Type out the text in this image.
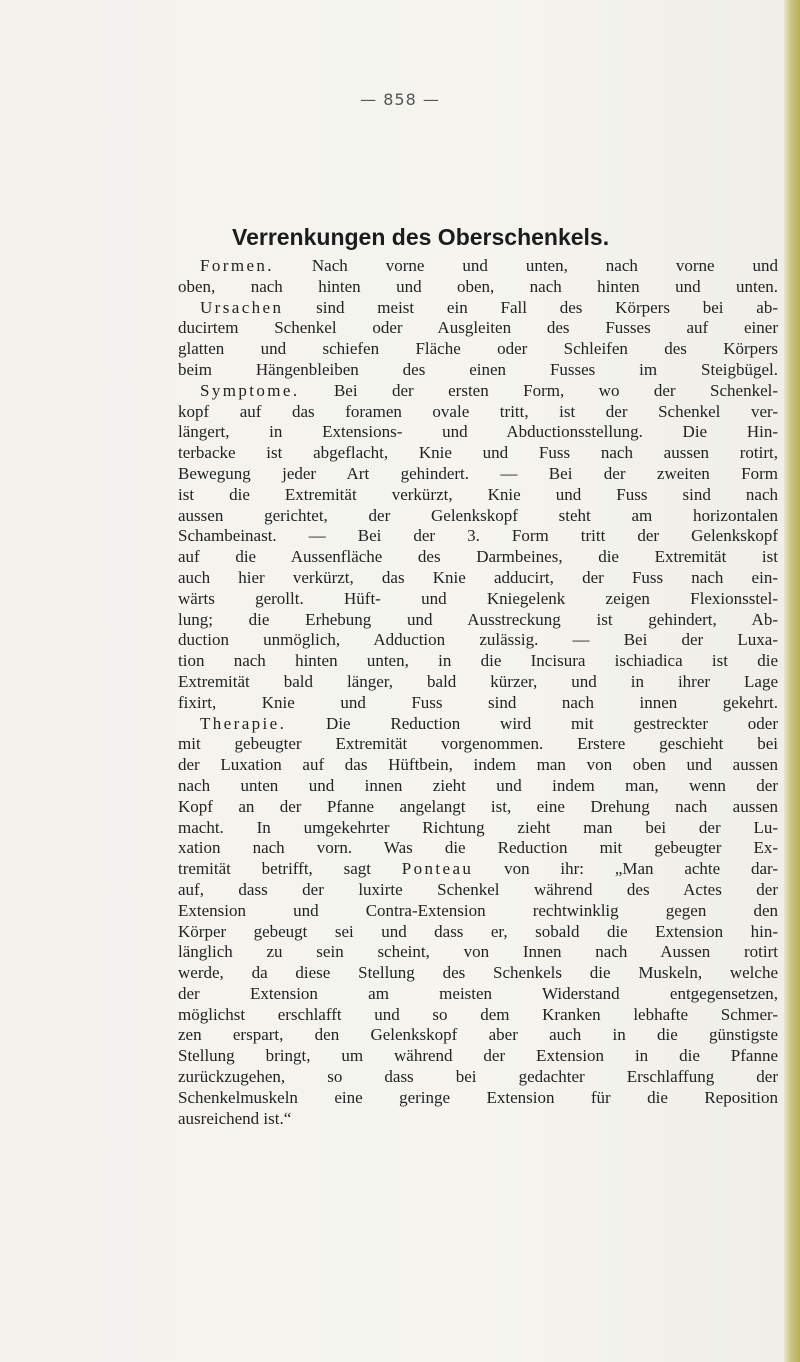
— 858 —
Verrenkungen des Oberschenkels.
Formen. Nach vorne und unten, nach vorne und
oben, nach hinten und oben, nach hinten und unten.
Ursachen sind meist ein Fall des Körpers bei ab-
ducirtem Schenkel oder Ausgleiten des Fusses auf einer
glatten und schiefen Fläche oder Schleifen des Körpers
beim Hängenbleiben des einen Fusses im Steigbügel.
Symptome. Bei der ersten Form, wo der Schenkel-
kopf auf das foramen ovale tritt, ist der Schenkel ver-
längert, in Extensions- und Abductionsstellung. Die Hin-
terbacke ist abgeflacht, Knie und Fuss nach aussen rotirt,
Bewegung jeder Art gehindert. — Bei der zweiten Form
ist die Extremität verkürzt, Knie und Fuss sind nach
aussen gerichtet, der Gelenkskopf steht am horizontalen
Schambeinast. — Bei der 3. Form tritt der Gelenkskopf
auf die Aussenfläche des Darmbeines, die Extremität ist
auch hier verkürzt, das Knie adducirt, der Fuss nach ein-
wärts gerollt. Hüft- und Kniegelenk zeigen Flexionsstel-
lung; die Erhebung und Ausstreckung ist gehindert, Ab-
duction unmöglich, Adduction zulässig. — Bei der Luxa-
tion nach hinten unten, in die Incisura ischiadica ist die
Extremität bald länger, bald kürzer, und in ihrer Lage
fixirt, Knie und Fuss sind nach innen gekehrt.
Therapie. Die Reduction wird mit gestreckter oder
mit gebeugter Extremität vorgenommen. Erstere geschieht bei
der Luxation auf das Hüftbein, indem man von oben und aussen
nach unten und innen zieht und indem man, wenn der
Kopf an der Pfanne angelangt ist, eine Drehung nach aussen
macht. In umgekehrter Richtung zieht man bei der Lu-
xation nach vorn. Was die Reduction mit gebeugter Ex-
tremität betrifft, sagt Ponteau von ihr: „Man achte dar-
auf, dass der luxirte Schenkel während des Actes der
Extension und Contra-Extension rechtwinklig gegen den
Körper gebeugt sei und dass er, sobald die Extension hin-
länglich zu sein scheint, von Innen nach Aussen rotirt
werde, da diese Stellung des Schenkels die Muskeln, welche
der Extension am meisten Widerstand entgegensetzen,
möglichst erschlafft und so dem Kranken lebhafte Schmer-
zen erspart, den Gelenkskopf aber auch in die günstigste
Stellung bringt, um während der Extension in die Pfanne
zurückzugehen, so dass bei gedachter Erschlaffung der
Schenkelmuskeln eine geringe Extension für die Reposition
ausreichend ist.“
